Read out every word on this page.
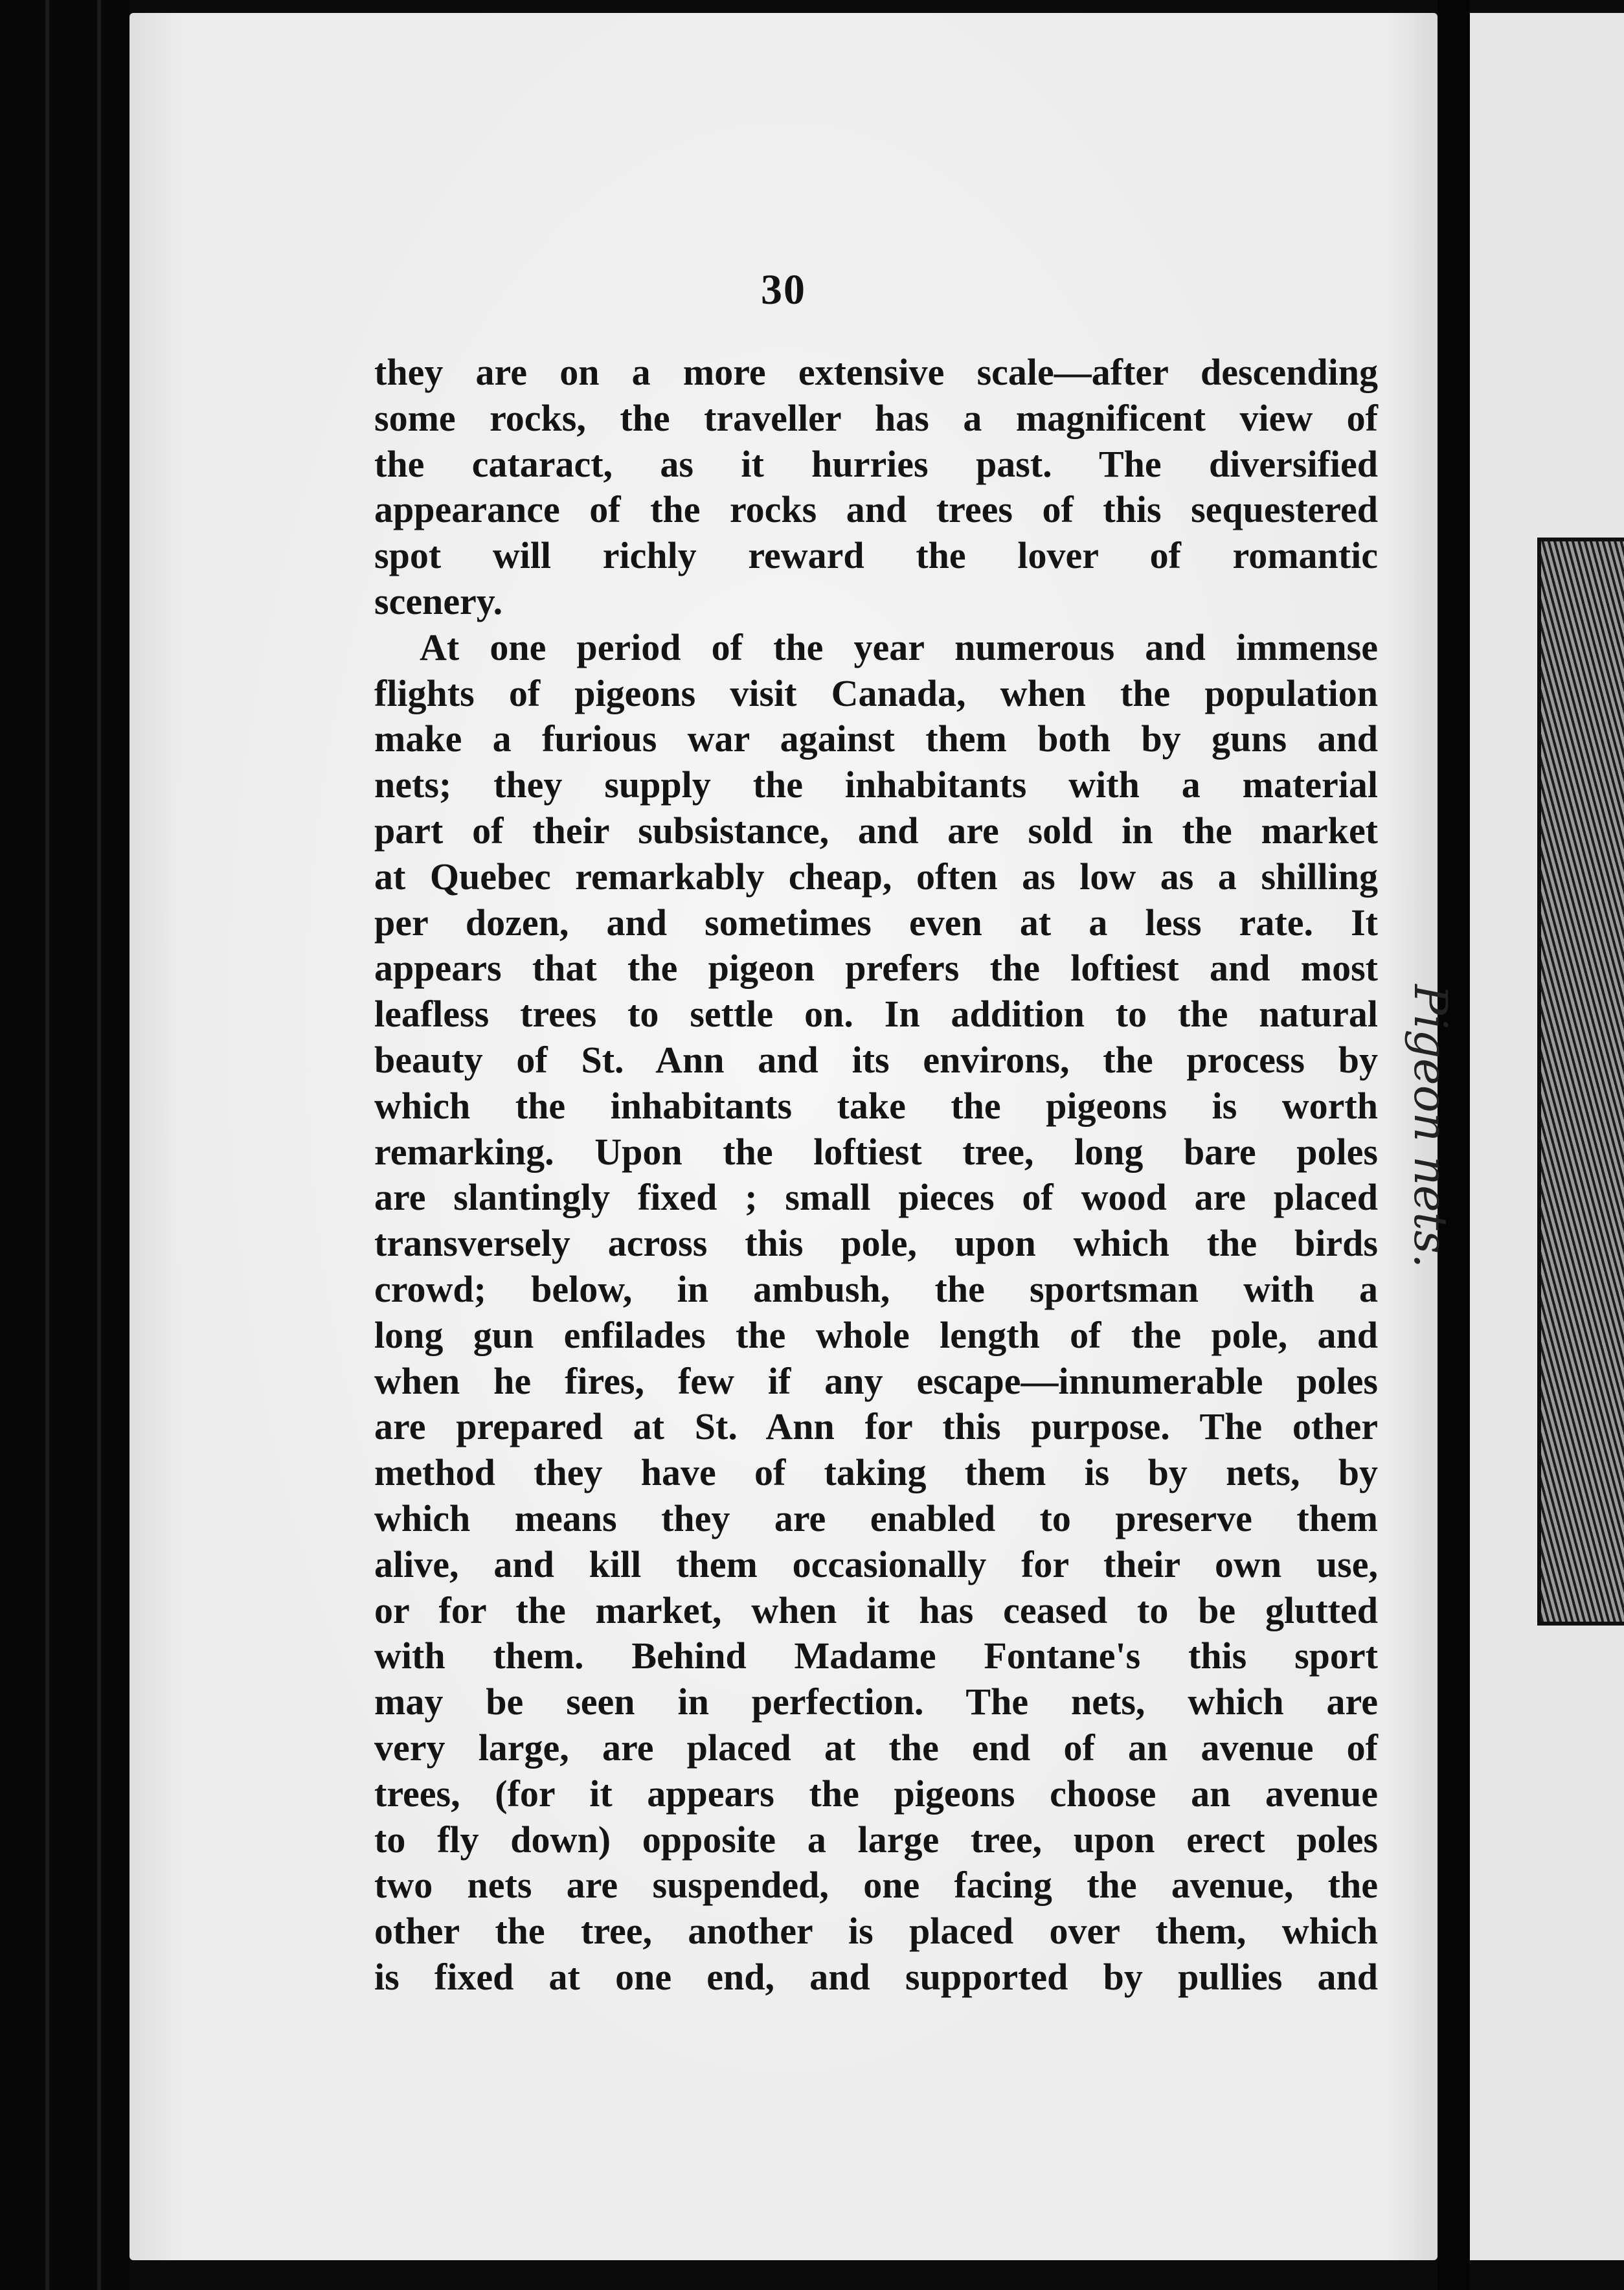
30
they are on a more extensive scale—after descending
some rocks, the traveller has a magnificent view of
the cataract, as it hurries past. The diversified
appearance of the rocks and trees of this sequestered
spot will richly reward the lover of romantic
scenery.
At one period of the year numerous and immense
flights of pigeons visit Canada, when the population
make a furious war against them both by guns and
nets; they supply the inhabitants with a material
part of their subsistance, and are sold in the market
at Quebec remarkably cheap, often as low as a shilling
per dozen, and sometimes even at a less rate. It
appears that the pigeon prefers the loftiest and most
leafless trees to settle on. In addition to the natural
beauty of St. Ann and its environs, the process by
which the inhabitants take the pigeons is worth
remarking. Upon the loftiest tree, long bare poles
are slantingly fixed ; small pieces of wood are placed
transversely across this pole, upon which the birds
crowd; below, in ambush, the sportsman with a
long gun enfilades the whole length of the pole, and
when he fires, few if any escape—innumerable poles
are prepared at St. Ann for this purpose. The other
method they have of taking them is by nets, by
which means they are enabled to preserve them
alive, and kill them occasionally for their own use,
or for the market, when it has ceased to be glutted
with them. Behind Madame Fontane's this sport
may be seen in perfection. The nets, which are
very large, are placed at the end of an avenue of
trees, (for it appears the pigeons choose an avenue
to fly down) opposite a large tree, upon erect poles
two nets are suspended, one facing the avenue, the
other the tree, another is placed over them, which
is fixed at one end, and supported by pullies and
Pigeon nets.
